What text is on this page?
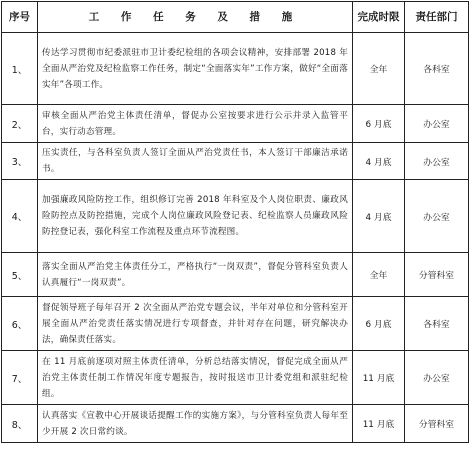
序号	工 作 任 务 及 措 施	完成时限	责任部门
1、	传达学习贯彻市纪委派驻市卫计委纪检组的各项会议精神，安排部署 2018 年全面从严治党及纪检监察工作任务，制定“全面落实年”工作方案，做好“全面落实年”各项工作。	全年	各科室
2、	审核全面从严治党主体责任清单，督促办公室按要求进行公示并录入监管平台，实行动态管理。	6 月底	办公室
3、	压实责任，与各科室负责人签订全面从严治党责任书，本人签订干部廉洁承诺书。	4 月底	办公室
4、	加强廉政风险防控工作，组织修订完善 2018 年科室及个人岗位职责、廉政风险防控点及防控措施，完成个人岗位廉政风险登记表、纪检监察人员廉政风险防控登记表，强化科室工作流程及重点环节流程图。	4 月底	办公室
5、	落实全面从严治党主体责任分工，严格执行“一岗双责”，督促分管科室负责人认真履行“一岗双责”。	全年	分管科室
6、	督促领导班子每年召开 2 次全面从严治党专题会议，半年对单位和分管科室开展全面从严治党责任落实情况进行专项督查，并针对存在问题，研究解决办法，确保责任落实。	6 月底	各科室
7、	在 11 月底前逐项对照主体责任清单，分析总结落实情况，督促完成全面从严治党主体责任制工作情况年度专题报告，按时报送市卫计委党组和派驻纪检组。	11 月底	办公室
8、	认真落实《宣教中心开展谈话提醒工作的实施方案》，与分管科室负责人每年至少开展 2 次日常约谈。	11 月底	分管科室
